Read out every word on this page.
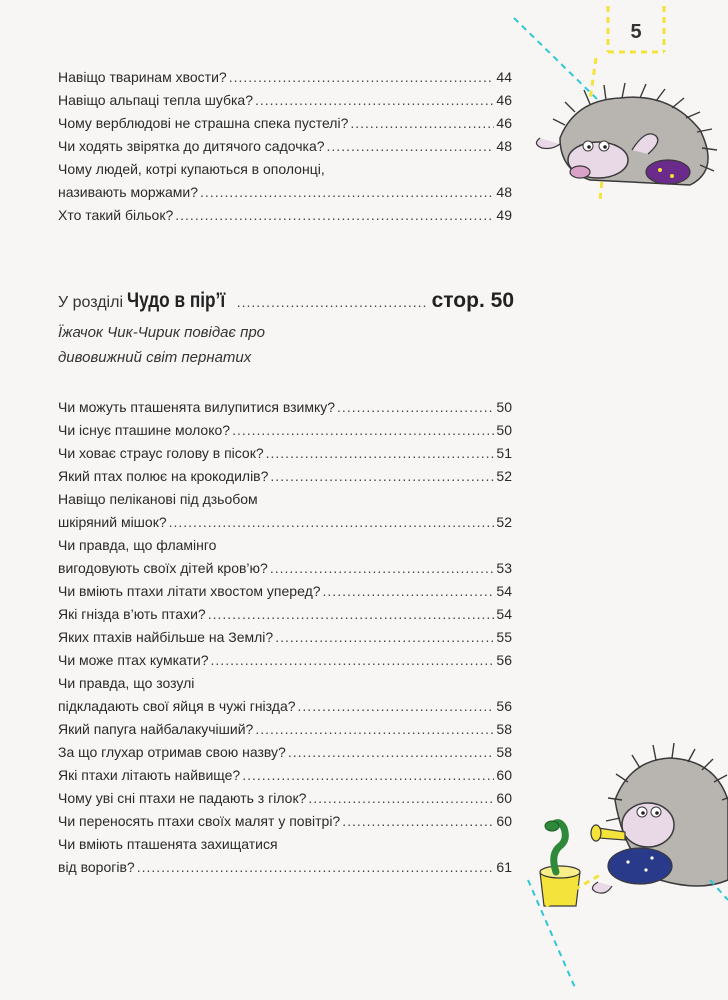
5
Навіщо тваринам хвости? .....	44
Навіщо альпаці тепла шубка? .....	46
Чому верблюдові не страшна спека пустелі? .....	46
Чи ходять звірятка до дитячого садочка? .....	48
Чому людей, котрі купаються в ополонці,
називають моржами? .....	48
Хто такий більок? .....	49
У розділі Чудо в пір’ї .....	стор. 50
Їжачок Чик-Чирик повідає про
дивовижний світ пернатих
Чи можуть пташенята вилупитися взимку? .....	50
Чи існує пташине молоко? .....	50
Чи ховає страус голову в пісок? .....	51
Який птах полює на крокодилів? .....	52
Навіщо пеліканові під дзьобом
шкіряний мішок? .....	52
Чи правда, що фламінго
вигодовують своїх дітей кров’ю? .....	53
Чи вміють птахи літати хвостом уперед? .....	54
Які гнізда в’ють птахи? .....	54
Яких птахів найбільше на Землі? .....	55
Чи може птах кумкати? .....	56
Чи правда, що зозулі
підкладають свої яйця в чужі гнізда? .....	56
Який папуга найбалакучіший? .....	58
За що глухар отримав свою назву? .....	58
Які птахи літають найвище? .....	60
Чому уві сні птахи не падають з гілок? .....	60
Чи переносять птахи своїх малят у повітрі? .....	60
Чи вміють пташенята захищатися
від ворогів? .....	61
